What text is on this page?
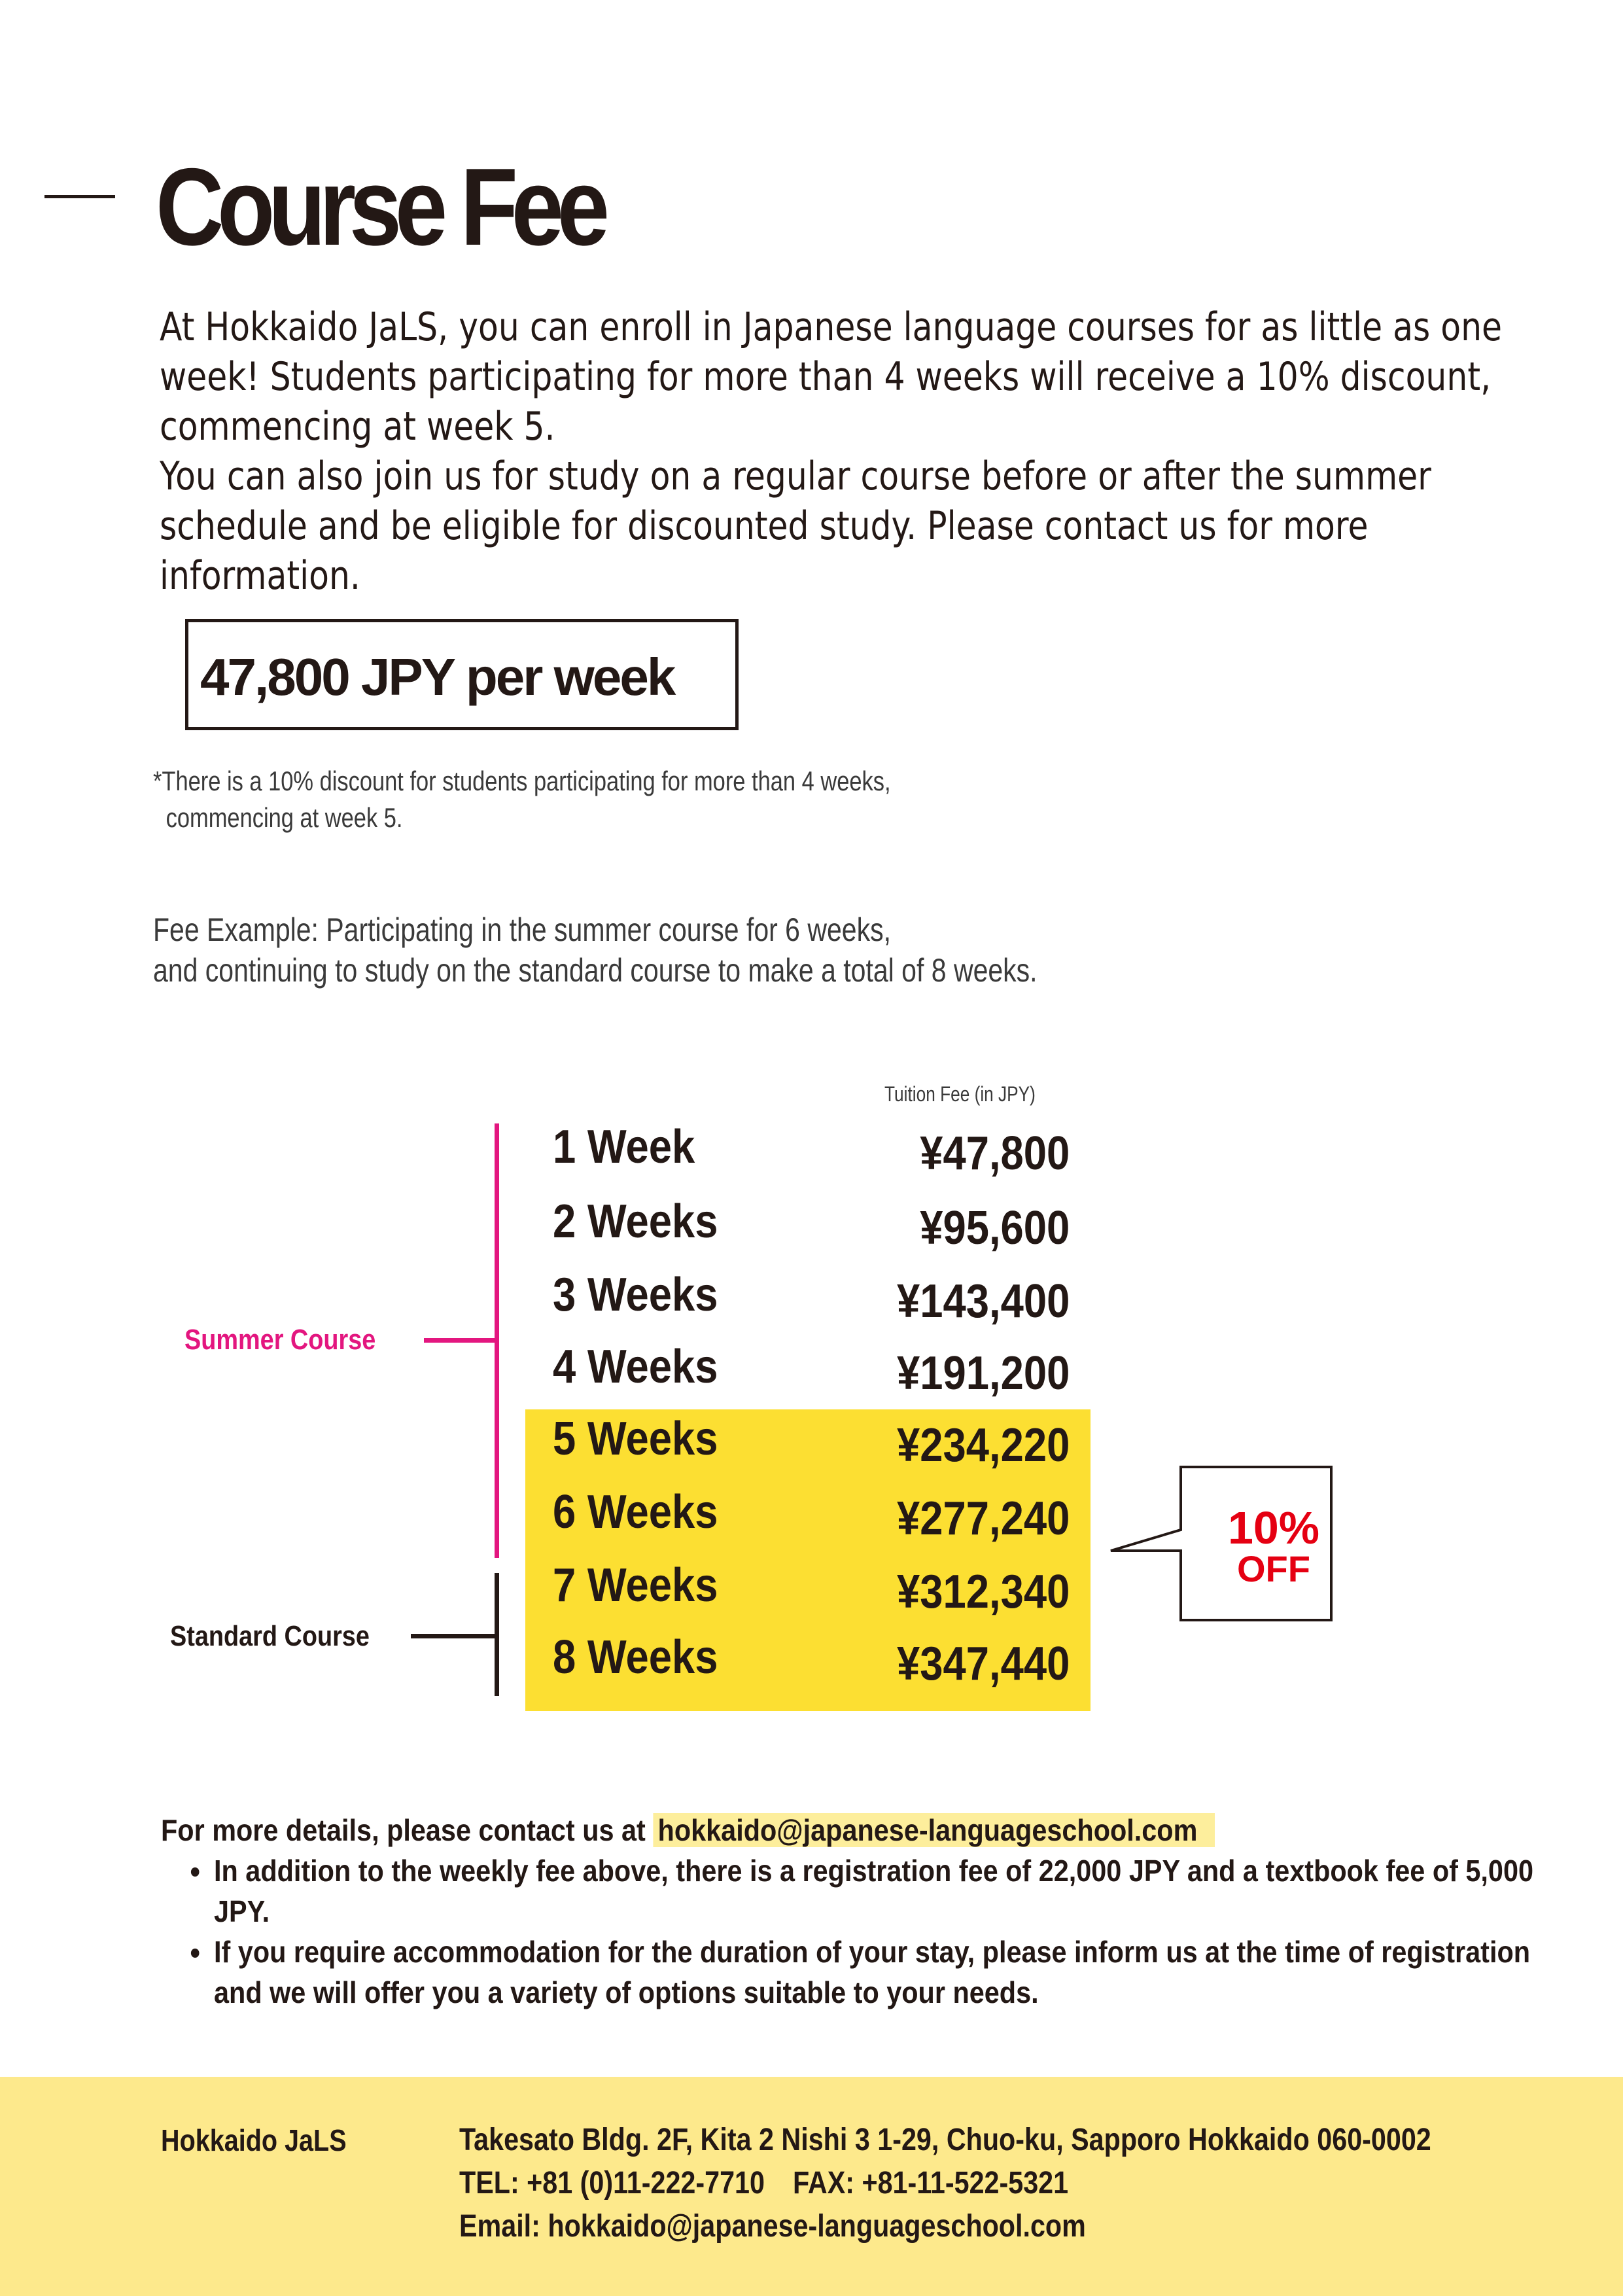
Course Fee

At Hokkaido JaLS, you can enroll in Japanese language courses for as little as one week! Students participating for more than 4 weeks will receive a 10% discount, commencing at week 5.

You can also join us for study on a regular course before or after the summer schedule and be eligible for discounted study. Please contact us for more information.

47,800 JPY per week
*There is a 10% discount for students participating for more than 4 weeks,
commencing at week 5.
Fee Example: Participating in the summer course for 6 weeks,
and continuing to study on the standard course to make a total of 8 weeks.
Tuition Fee (in JPY)
Summer Course
Standard Course
1 Week	¥47,800
2 Weeks	¥95,600
3 Weeks	¥143,400
4 Weeks	¥191,200
5 Weeks	¥234,220
6 Weeks	¥277,240
7 Weeks	¥312,340
8 Weeks	¥347,440
10%
OFF
For more details, please contact us at hokkaido@japanese-languageschool.com
• In addition to the weekly fee above, there is a registration fee of 22,000 JPY and a textbook fee of 5,000 JPY.
• If you require accommodation for the duration of your stay, please inform us at the time of registration and we will offer you a variety of options suitable to your needs.
Hokkaido JaLS	Takesato Bldg. 2F, Kita 2 Nishi 3 1-29, Chuo-ku, Sapporo Hokkaido 060-0002
TEL: +81 (0)11-222-7710 FAX: +81-11-522-5321
Email: hokkaido@japanese-languageschool.com
